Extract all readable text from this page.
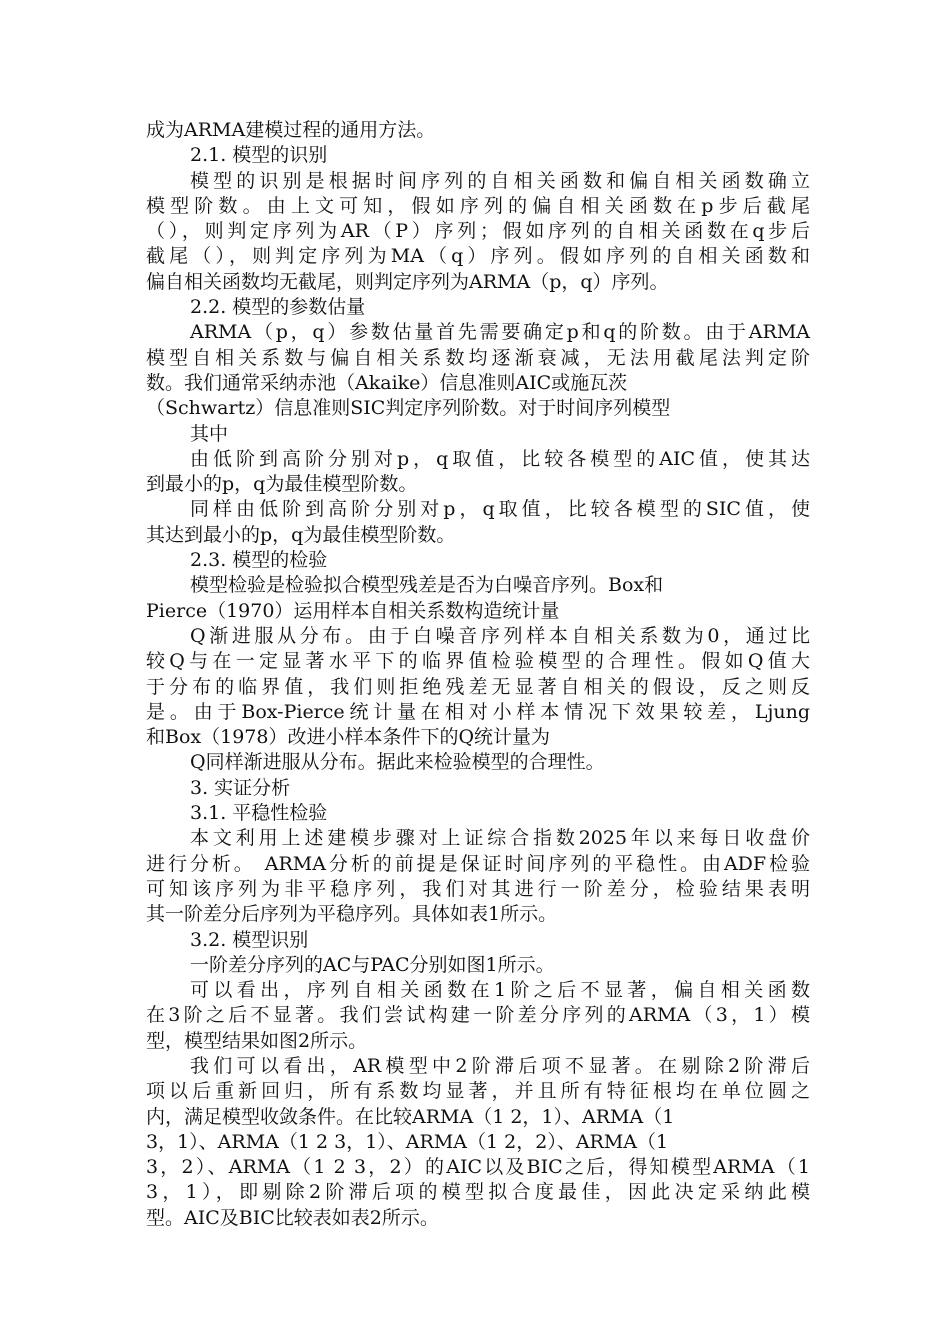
成为ARMA建模过程的通用方法。
2.1. 模型的识别
模型的识别是根据时间序列的自相关函数和偏自相关函数确立
模型阶数。由上文可知，假如序列的偏自相关函数在p步后截尾
（），则判定序列为AR（P）序列；假如序列的自相关函数在q步后
截尾（），则判定序列为MA（q）序列。假如序列的自相关函数和
偏自相关函数均无截尾，则判定序列为ARMA（p，q）序列。
2.2. 模型的参数估量
ARMA（p，q）参数估量首先需要确定p和q的阶数。由于ARMA
模型自相关系数与偏自相关系数均逐渐衰减，无法用截尾法判定阶
数。我们通常采纳赤池（Akaike）信息准则AIC或施瓦茨
（Schwartz）信息准则SIC判定序列阶数。对于时间序列模型
其中
由低阶到高阶分别对p，q取值，比较各模型的AIC值，使其达
到最小的p，q为最佳模型阶数。
同样由低阶到高阶分别对p，q取值，比较各模型的SIC值，使
其达到最小的p，q为最佳模型阶数。
2.3. 模型的检验
模型检验是检验拟合模型残差是否为白噪音序列。Box和
Pierce（1970）运用样本自相关系数构造统计量
Q渐进服从分布。由于白噪音序列样本自相关系数为0，通过比
较Q与在一定显著水平下的临界值检验模型的合理性。假如Q值大
于分布的临界值，我们则拒绝残差无显著自相关的假设，反之则反
是。由于Box-Pierce统计量在相对小样本情况下效果较差，Ljung
和Box（1978）改进小样本条件下的Q统计量为
Q同样渐进服从分布。据此来检验模型的合理性。
3. 实证分析
3.1. 平稳性检验
本文利用上述建模步骤对上证综合指数2025年以来每日收盘价
进行分析。 ARMA分析的前提是保证时间序列的平稳性。由ADF检验
可知该序列为非平稳序列，我们对其进行一阶差分，检验结果表明
其一阶差分后序列为平稳序列。具体如表1所示。
3.2. 模型识别
一阶差分序列的AC与PAC分别如图1所示。
可以看出，序列自相关函数在1阶之后不显著，偏自相关函数
在3阶之后不显著。我们尝试构建一阶差分序列的ARMA（3，1）模
型，模型结果如图2所示。
我们可以看出，AR模型中2阶滞后项不显著。在剔除2阶滞后
项以后重新回归，所有系数均显著，并且所有特征根均在单位圆之
内，满足模型收敛条件。在比较ARMA（1 2，1）、ARMA（1
3，1）、ARMA（1 2 3，1）、ARMA（1 2，2）、ARMA（1
3，2）、ARMA（1 2 3，2）的AIC以及BIC之后，得知模型ARMA（1
3，1），即剔除2阶滞后项的模型拟合度最佳，因此决定采纳此模
型。AIC及BIC比较表如表2所示。
